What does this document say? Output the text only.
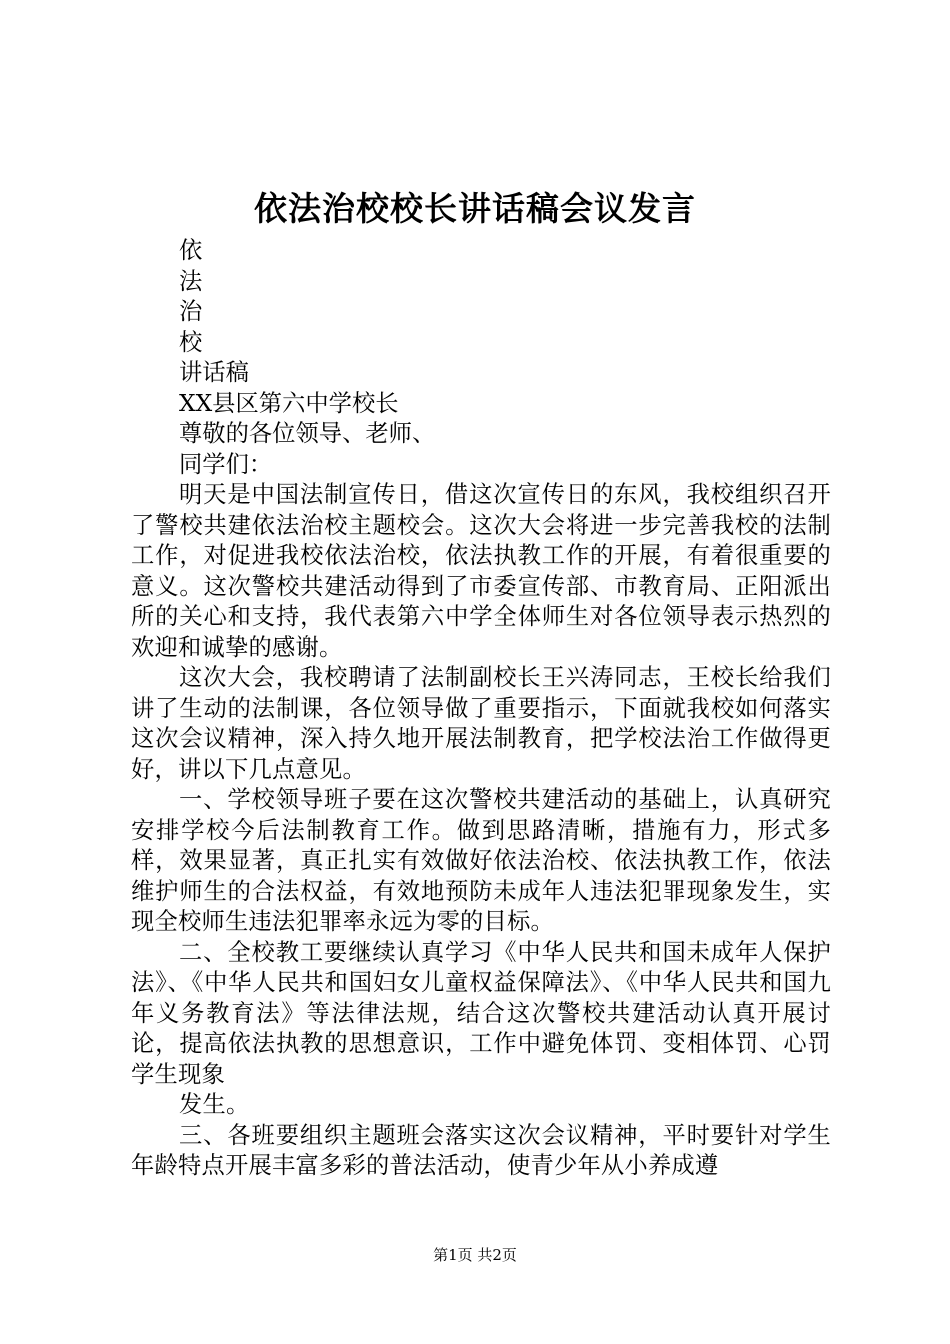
依法治校校长讲话稿会议发言

依

法

治

校

讲话稿

XX县区第六中学校长

尊敬的各位领导、老师、

同学们：

明天是中国法制宣传日，借这次宣传日的东风，我校组织召开了警校共建依法治校主题校会。这次大会将进一步完善我校的法制工作，对促进我校依法治校，依法执教工作的开展，有着很重要的意义。这次警校共建活动得到了市委宣传部、市教育局、正阳派出所的关心和支持，我代表第六中学全体师生对各位领导表示热烈的欢迎和诚挚的感谢。

这次大会，我校聘请了法制副校长王兴涛同志，王校长给我们讲了生动的法制课，各位领导做了重要指示，下面就我校如何落实这次会议精神，深入持久地开展法制教育，把学校法治工作做得更好，讲以下几点意见。

一、学校领导班子要在这次警校共建活动的基础上，认真研究安排学校今后法制教育工作。做到思路清晰，措施有力，形式多样，效果显著，真正扎实有效做好依法治校、依法执教工作，依法维护师生的合法权益，有效地预防未成年人违法犯罪现象发生，实现全校师生违法犯罪率永远为零的目标。

二、全校教工要继续认真学习《中华人民共和国未成年人保护法》、《中华人民共和国妇女儿童权益保障法》、《中华人民共和国九年义务教育法》等法律法规，结合这次警校共建活动认真开展讨论，提高依法执教的思想意识，工作中避免体罚、变相体罚、心罚学生现象

发生。

三、各班要组织主题班会落实这次会议精神，平时要针对学生年龄特点开展丰富多彩的普法活动，使青少年从小养成遵

第1页 共2页
